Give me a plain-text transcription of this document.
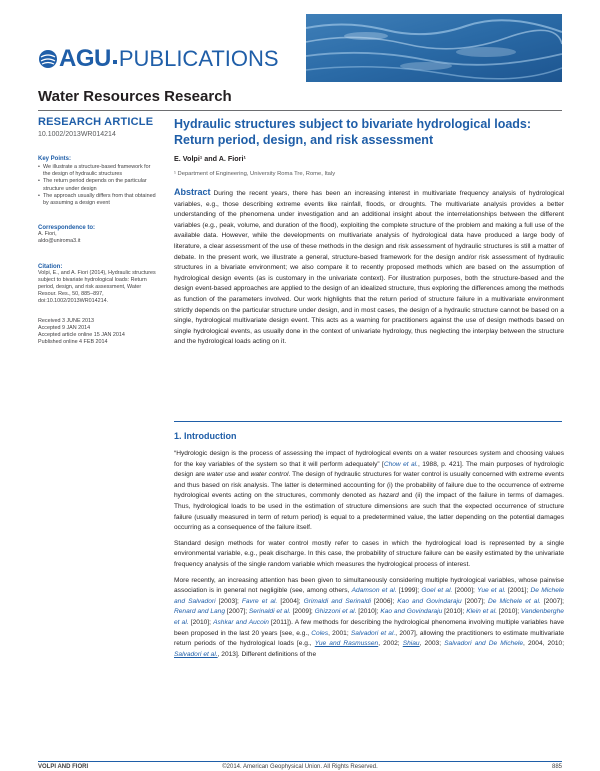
AGU PUBLICATIONS
Water Resources Research
RESEARCH ARTICLE
10.1002/2013WR014214
Key Points:
• We illustrate a structure-based framework for the design of hydraulic structures
• The return period depends on the particular structure under design
• The approach usually differs from that obtained by assuming a design event
Correspondence to:
A. Fiori,
aldo@uniroma3.it
Citation:
Volpi, E., and A. Fiori (2014), Hydraulic structures subject to bivariate hydrological loads: Return period, design, and risk assessment, Water Resour. Res., 50, 885–897, doi:10.1002/2013WR014214.
Received 3 JUNE 2013
Accepted 9 JAN 2014
Accepted article online 15 JAN 2014
Published online 4 FEB 2014
Hydraulic structures subject to bivariate hydrological loads: Return period, design, and risk assessment
E. Volpi¹ and A. Fiori¹
¹ Department of Engineering, University Roma Tre, Rome, Italy
Abstract During the recent years, there has been an increasing interest in multivariate frequency analysis of hydrological variables, e.g., those describing extreme events like rainfall, floods, or droughts. The multivariate analysis provides a better understanding of the phenomena under investigation and an additional insight about the interrelationships between the different variables (e.g., peak, volume, and duration of the flood), exploiting the complete structure of the problem and making a full use of the available data. However, while the developments on multivariate analysis of hydrological data have produced a large body of literature, a clear assessment of the use of these methods in the design and risk assessment of hydraulic structures is still a matter of debate. In the present work, we illustrate a general, structure-based framework for the design and/or risk assessment of hydraulic structures in a bivariate environment; we also compare it to recently proposed methods which are based on the assumption of hydrological design events (as is customary in the univariate context). For illustration purposes, both the structure-based and the design event-based approaches are applied to the design of an idealized structure, thus exploring the differences among the methods as function of the parameters involved. Our work highlights that the return period of structure failure in a multivariate environment strictly depends on the particular structure under design, and in most cases, the design of a hydraulic structure cannot be based on a single, hydrological multivariate design event. This acts as a warning for practitioners against the use of design methods based on single hydrological events, as usually done in the context of univariate hydrology, thus neglecting the interplay between the structure and the hydrological loads acting on it.
1. Introduction

“Hydrologic design is the process of assessing the impact of hydrological events on a water resources system and choosing values for the key variables of the system so that it will perform adequately” [Chow et al., 1988, p. 421]. The main purposes of hydrologic design are water use and water control. The design of hydraulic structures for water control is usually concerned with extreme events and thus based on risk analysis. The latter is determined accounting for (i) the probability of failure due to the occurrence of extreme hydrological events acting on the structures, commonly denoted as hazard and (ii) the impact of the failure in terms of damages. Thus, hydrological loads to be used in the estimation of structure dimensions are such that the expected occurrence of structure failure (usually measured in term of return period) is equal to a predetermined value, the latter depending on the potential damages occurring as a consequence of the failure itself.

Standard design methods for water control mostly refer to cases in which the hydrological load is represented by a single environmental variable, e.g., peak discharge. In this case, the probability of structure failure can be easily estimated by the univariate frequency analysis of the single random variable which measures the hydrological process of interest.

More recently, an increasing attention has been given to simultaneously considering multiple hydrological variables, whose pairwise association is in general not negligible (see, among others, Adamson et al. [1999]; Goel et al. [2000]; Yue et al. [2001]; De Michele and Salvadori [2003]; Favre et al. [2004]; Grimaldi and Serinaldi [2006]; Kao and Govindaraju [2007]; De Michele et al. [2007]; Renard and Lang [2007]; Serinaldi et al. [2009]; Ghizzoni et al. [2010]; Kao and Govindaraju [2010]; Klein et al. [2010]; Vandenberghe et al. [2010]; Ashkar and Aucoin [2011]). A few methods for describing the hydrological phenomena involving multiple variables have been proposed in the last 20 years [see, e.g., Coles, 2001; Salvadori et al., 2007], allowing the practitioners to estimate multivariate return periods of the hydrological loads [e.g., Yue and Rasmussen, 2002; Shiau, 2003; Salvadori and De Michele, 2004, 2010; Salvadori et al., 2013]. Different definitions of the

VOLPI AND FIORI	©2014. American Geophysical Union. All Rights Reserved.	885
